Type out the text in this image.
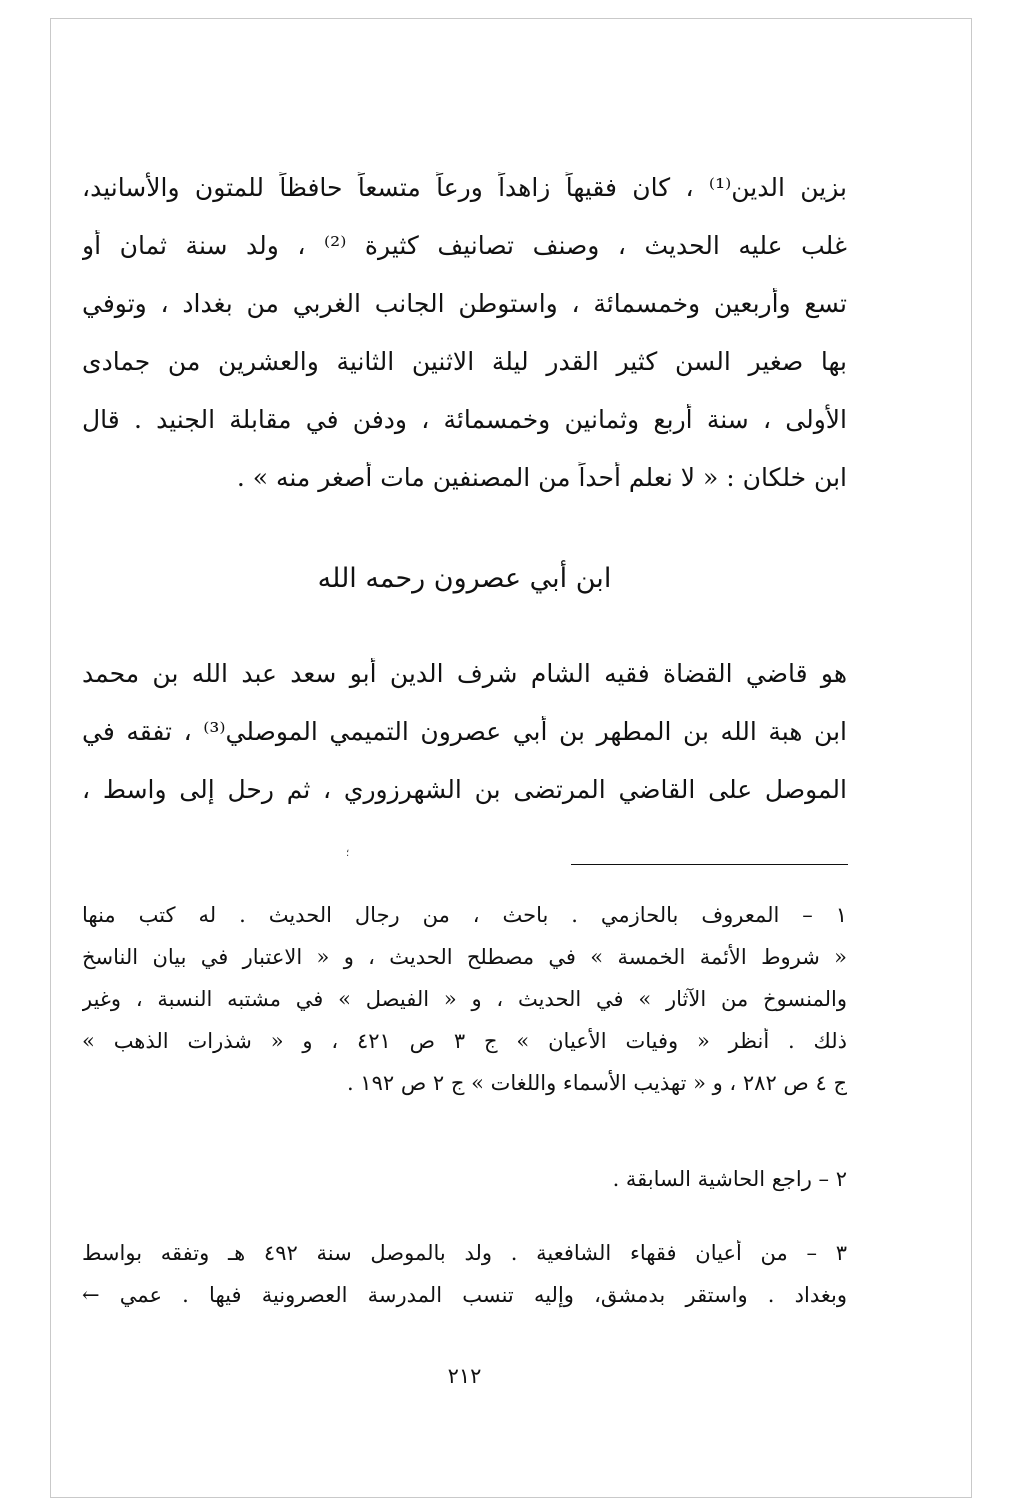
بزين الدين⁽¹⁾ ، كان فقيهاً زاهداً ورعاً متسعاً حافظاً للمتون والأسانيد،
غلب عليه الحديث ، وصنف تصانيف كثيرة ⁽²⁾ ، ولد سنة ثمان أو
تسع وأربعين وخمسمائة ، واستوطن الجانب الغربي من بغداد ، وتوفي
بها صغير السن كثير القدر ليلة الاثنين الثانية والعشرين من جمادى
الأولى ، سنة أربع وثمانين وخمسمائة ، ودفن في مقابلة الجنيد . قال
ابن خلكان : « لا نعلم أحداً من المصنفين مات أصغر منه » .
ابن أبي عصرون رحمه الله
هو قاضي القضاة فقيه الشام شرف الدين أبو سعد عبد الله بن محمد
ابن هبة الله بن المطهر بن أبي عصرون التميمي الموصلي⁽³⁾ ، تفقه في
الموصل على القاضي المرتضى بن الشهرزوري ، ثم رحل إلى واسط ،
؛
١ – المعروف بالحازمي . باحث ، من رجال الحديث . له كتب منها
« شروط الأئمة الخمسة » في مصطلح الحديث ، و « الاعتبار في بيان الناسخ
والمنسوخ من الآثار » في الحديث ، و « الفيصل » في مشتبه النسبة ، وغير
ذلك . أنظر « وفيات الأعيان » ج ٣ ص ٤٢١ ، و « شذرات الذهب »
ج ٤ ص ٢٨٢ ، و « تهذيب الأسماء واللغات » ج ٢ ص ١٩٢ .
٢ – راجع الحاشية السابقة .
٣ – من أعيان فقهاء الشافعية . ولد بالموصل سنة ٤٩٢ هـ وتفقه بواسط
وبغداد . واستقر بدمشق، وإليه تنسب المدرسة العصرونية فيها . عمي ←
٢١٢
